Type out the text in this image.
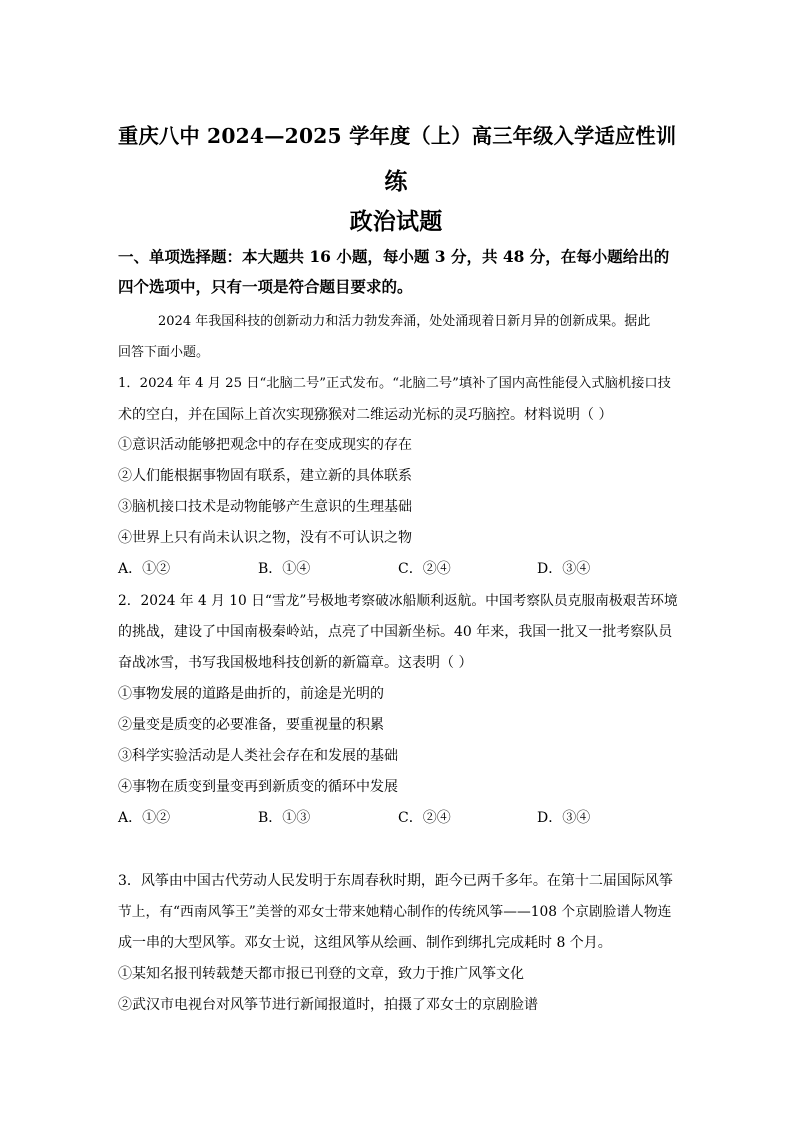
重庆八中 2024—2025 学年度（上）高三年级入学适应性训
练
政治试题
一、单项选择题：本大题共 16 小题，每小题 3 分，共 48 分，在每小题给出的
四个选项中，只有一项是符合题目要求的。
2024 年我国科技的创新动力和活力勃发奔涌，处处涌现着日新月异的创新成果。据此
回答下面小题。
1．2024 年 4 月 25 日“北脑二号”正式发布。“北脑二号”填补了国内高性能侵入式脑机接口技
术的空白，并在国际上首次实现猕猴对二维运动光标的灵巧脑控。材料说明（ ）
①意识活动能够把观念中的存在变成现实的存在
②人们能根据事物固有联系，建立新的具体联系
③脑机接口技术是动物能够产生意识的生理基础
④世界上只有尚未认识之物，没有不可认识之物
A．①②	B．①④	C．②④	D．③④
2．2024 年 4 月 10 日“雪龙”号极地考察破冰船顺利返航。中国考察队员克服南极艰苦环境
的挑战，建设了中国南极秦岭站，点亮了中国新坐标。40 年来，我国一批又一批考察队员
奋战冰雪，书写我国极地科技创新的新篇章。这表明（ ）
①事物发展的道路是曲折的，前途是光明的
②量变是质变的必要准备，要重视量的积累
③科学实验活动是人类社会存在和发展的基础
④事物在质变到量变再到新质变的循环中发展
A．①②	B．①③	C．②④	D．③④
3．风筝由中国古代劳动人民发明于东周春秋时期，距今已两千多年。在第十二届国际风筝
节上，有“西南风筝王”美誉的邓女士带来她精心制作的传统风筝——108 个京剧脸谱人物连
成一串的大型风筝。邓女士说，这组风筝从绘画、制作到绑扎完成耗时 8 个月。
①某知名报刊转载楚天都市报已刊登的文章，致力于推广风筝文化
②武汉市电视台对风筝节进行新闻报道时，拍摄了邓女士的京剧脸谱
